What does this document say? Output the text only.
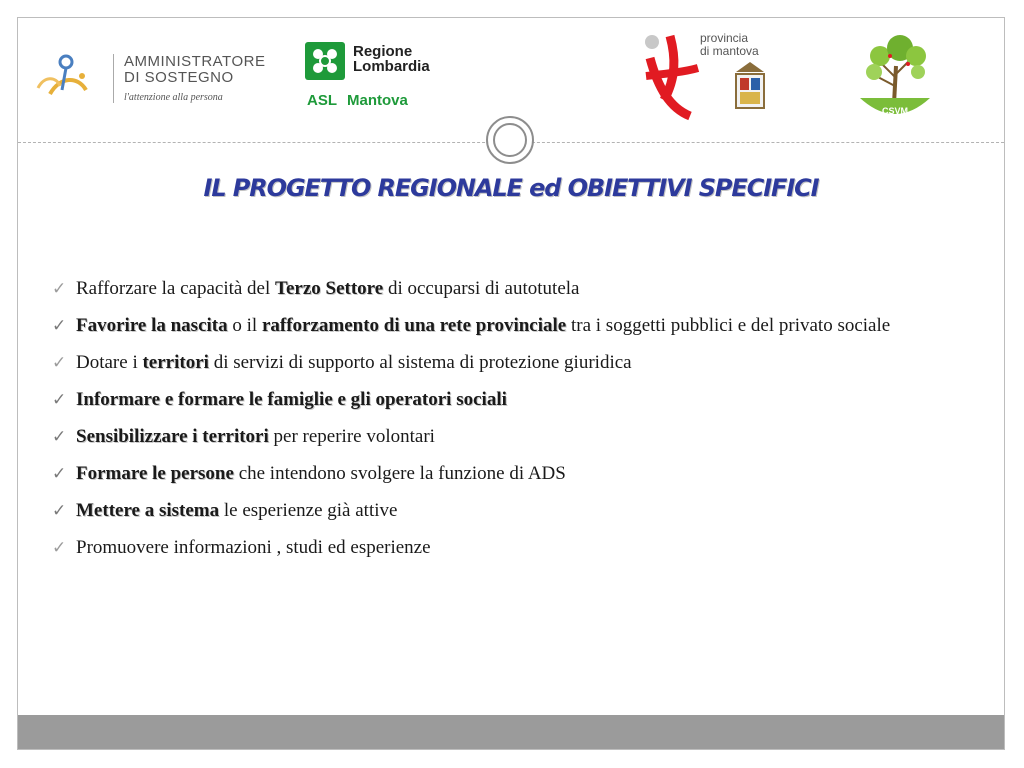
AMMINISTRATORE
DI SOSTEGNO
l'attenzione alla persona
Regione
Lombardia
ASL Mantova
provincia
di mantova
CSVM
IL PROGETTO REGIONALE ed OBIETTIVI SPECIFICI
✓ Rafforzare la capacità del Terzo Settore di occuparsi di autotutela
✓ Favorire la nascita o il rafforzamento di una rete provinciale tra i soggetti pubblici e del privato sociale
✓ Dotare i territori di servizi di supporto al sistema di protezione giuridica
✓ Informare e formare le famiglie e gli operatori sociali
✓ Sensibilizzare i territori per reperire volontari
✓ Formare le persone che intendono svolgere la funzione di ADS
✓ Mettere a sistema le esperienze già attive
✓ Promuovere informazioni , studi ed esperienze
